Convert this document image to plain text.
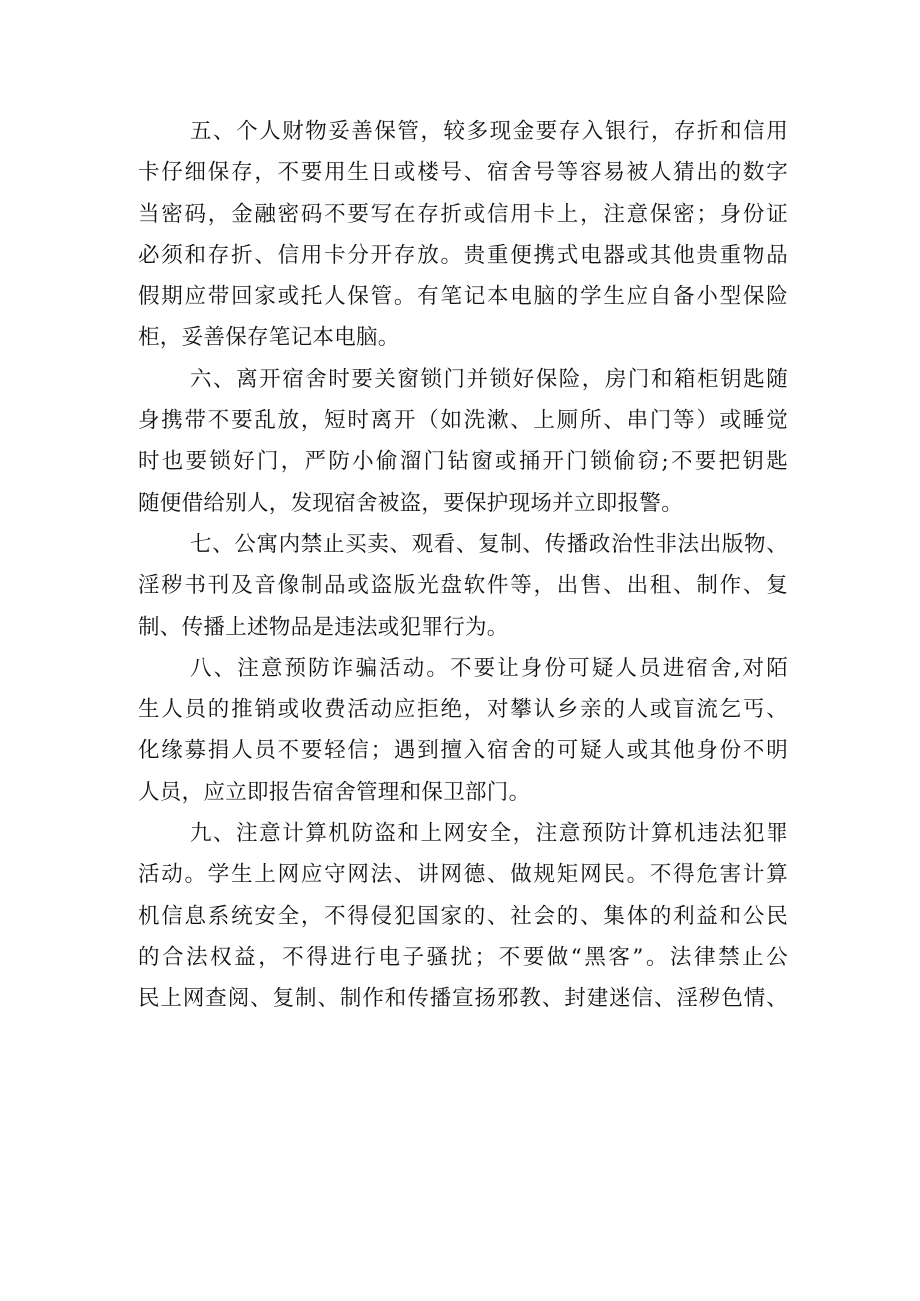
五、个人财物妥善保管，较多现金要存入银行，存折和信用
卡仔细保存，不要用生日或楼号、宿舍号等容易被人猜出的数字
当密码，金融密码不要写在存折或信用卡上，注意保密；身份证
必须和存折、信用卡分开存放。贵重便携式电器或其他贵重物品
假期应带回家或托人保管。有笔记本电脑的学生应自备小型保险
柜，妥善保存笔记本电脑。
六、离开宿舍时要关窗锁门并锁好保险，房门和箱柜钥匙随
身携带不要乱放，短时离开（如洗漱、上厕所、串门等）或睡觉
时也要锁好门，严防小偷溜门钻窗或捅开门锁偷窃;不要把钥匙
随便借给别人，发现宿舍被盗，要保护现场并立即报警。
七、公寓内禁止买卖、观看、复制、传播政治性非法出版物、
淫秽书刊及音像制品或盗版光盘软件等，出售、出租、制作、复
制、传播上述物品是违法或犯罪行为。
八、注意预防诈骗活动。不要让身份可疑人员进宿舍,对陌
生人员的推销或收费活动应拒绝，对攀认乡亲的人或盲流乞丐、
化缘募捐人员不要轻信；遇到擅入宿舍的可疑人或其他身份不明
人员，应立即报告宿舍管理和保卫部门。
九、注意计算机防盗和上网安全，注意预防计算机违法犯罪
活动。学生上网应守网法、讲网德、做规矩网民。不得危害计算
机信息系统安全，不得侵犯国家的、社会的、集体的利益和公民
的合法权益，不得进行电子骚扰；不要做“黑客”。法律禁止公
民上网查阅、复制、制作和传播宣扬邪教、封建迷信、淫秽色情、
